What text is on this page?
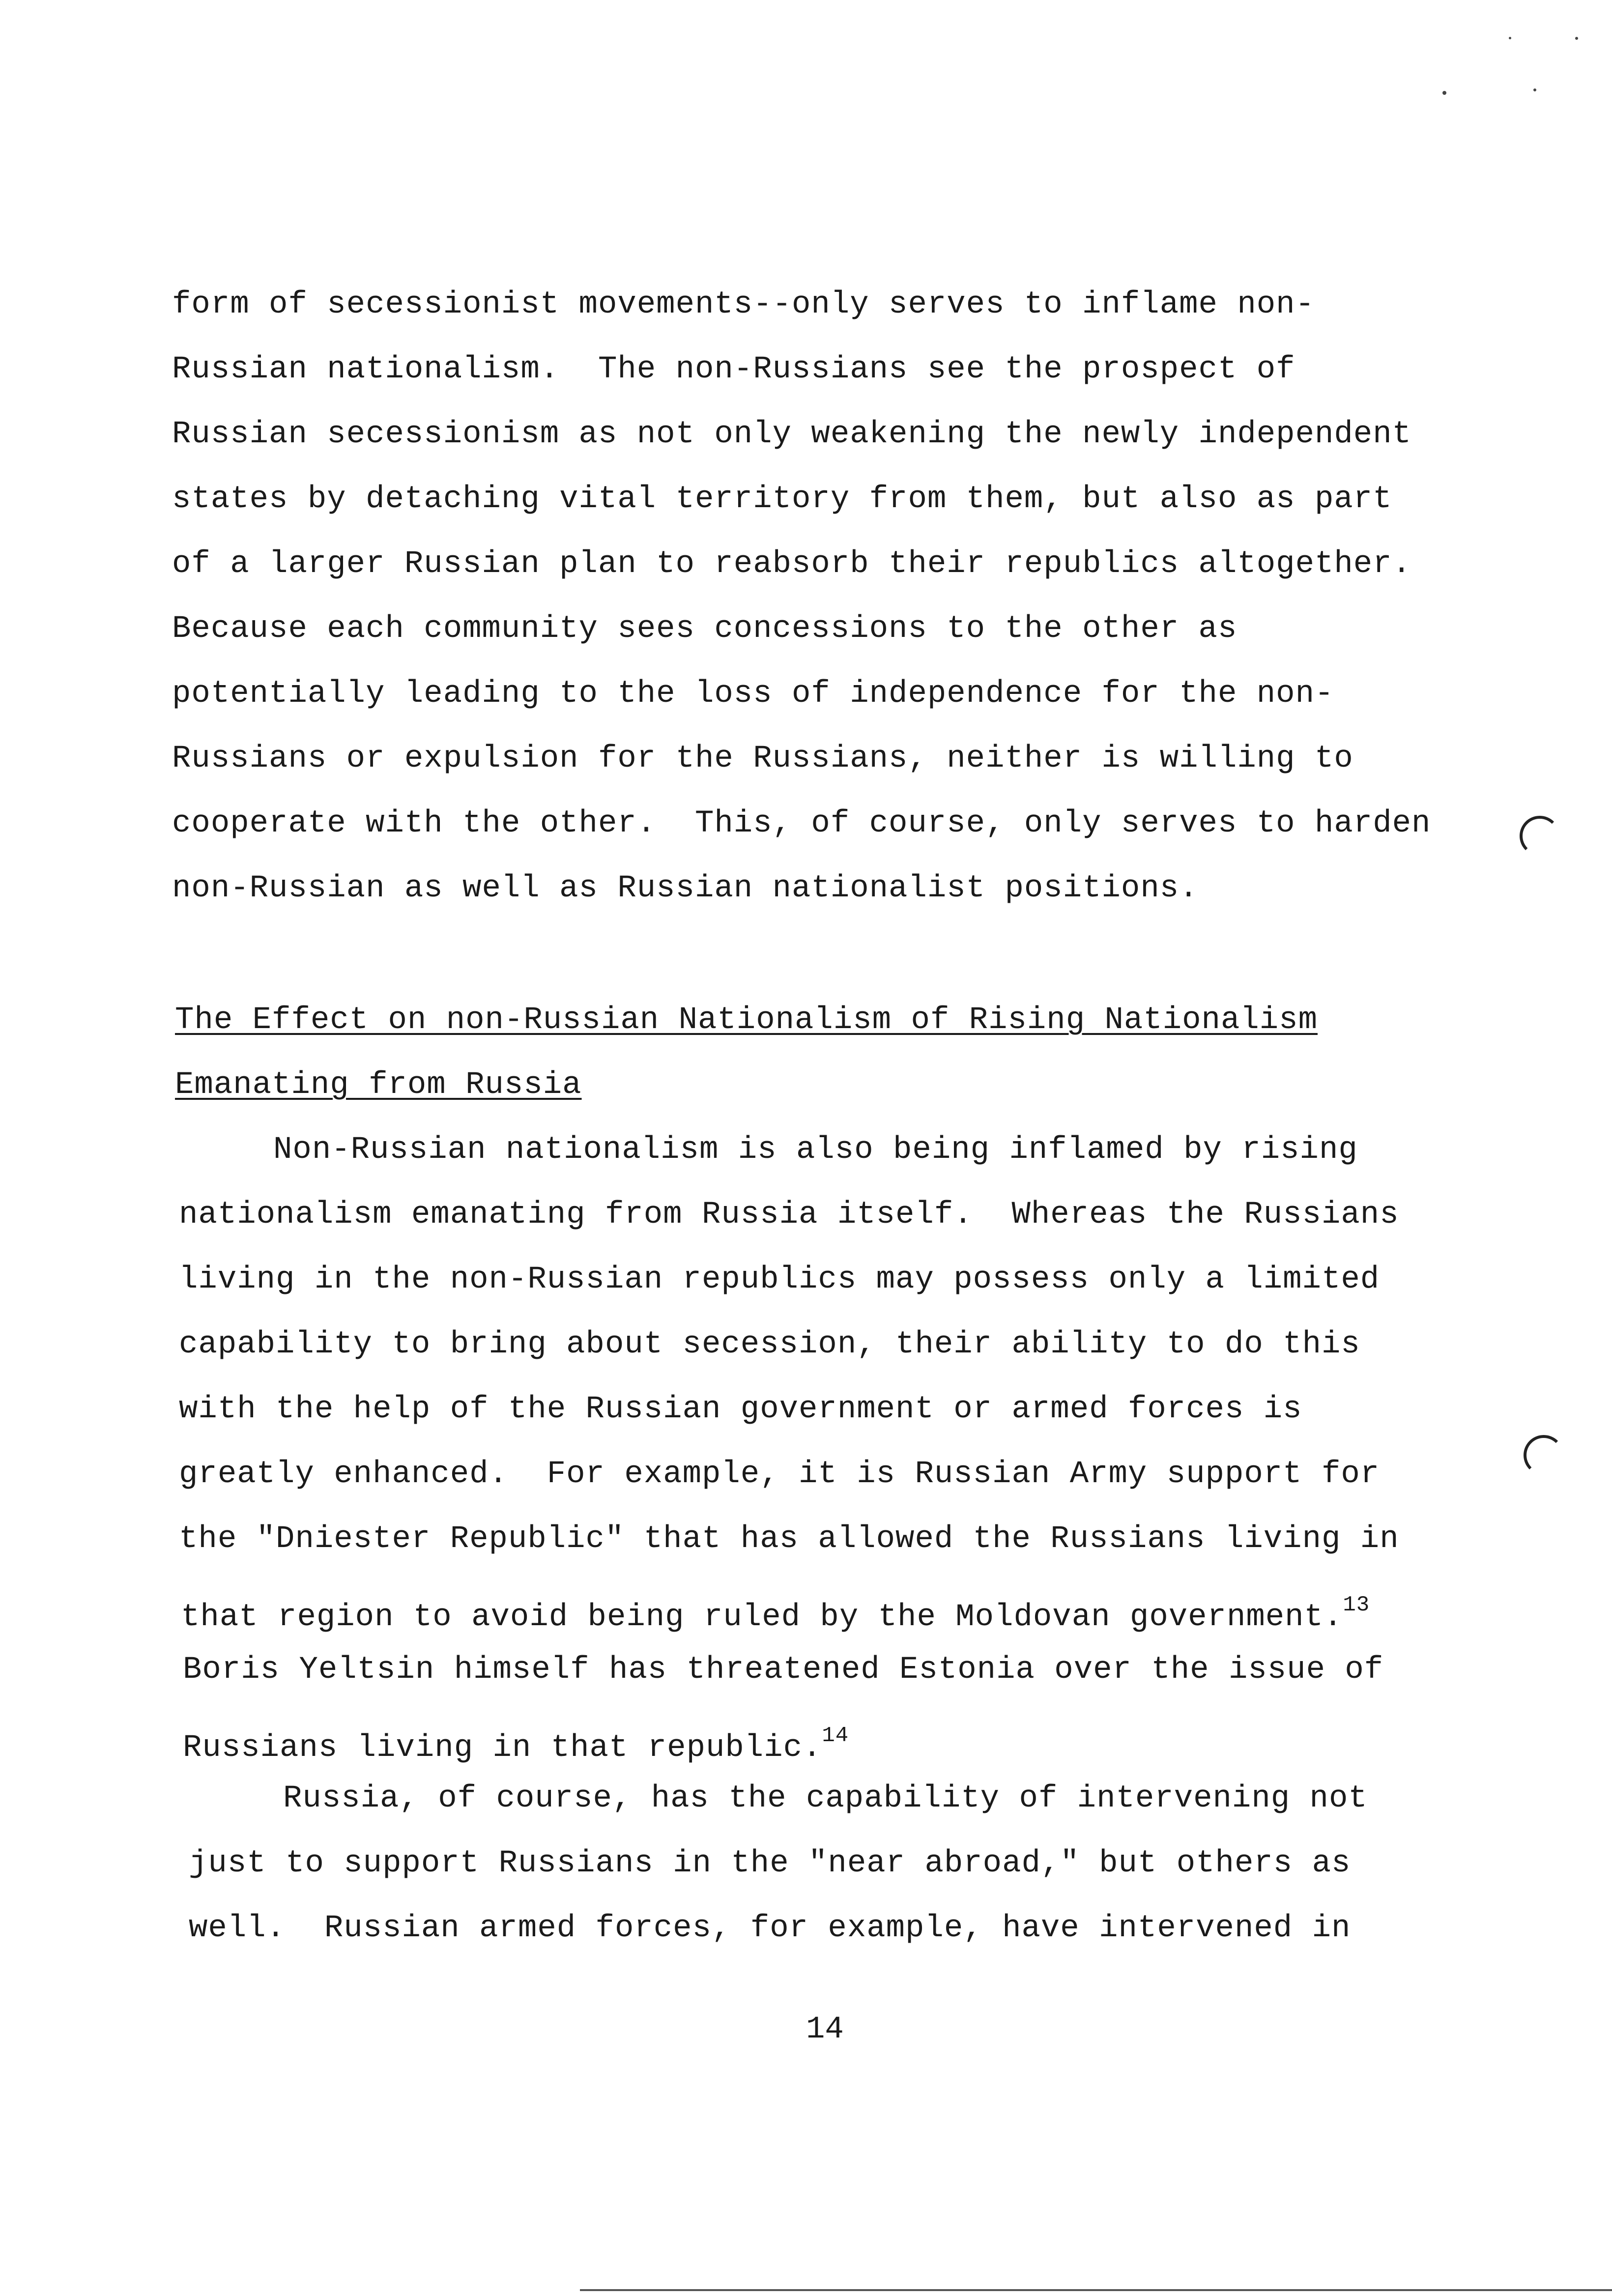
form of secessionist movements--only serves to inflame non-
Russian nationalism.  The non-Russians see the prospect of
Russian secessionism as not only weakening the newly independent
states by detaching vital territory from them, but also as part
of a larger Russian plan to reabsorb their republics altogether.
Because each community sees concessions to the other as
potentially leading to the loss of independence for the non-
Russians or expulsion for the Russians, neither is willing to
cooperate with the other.  This, of course, only serves to harden
non-Russian as well as Russian nationalist positions.
The Effect on non-Russian Nationalism of Rising Nationalism
Emanating from Russia
Non-Russian nationalism is also being inflamed by rising
nationalism emanating from Russia itself.  Whereas the Russians
living in the non-Russian republics may possess only a limited
capability to bring about secession, their ability to do this
with the help of the Russian government or armed forces is
greatly enhanced.  For example, it is Russian Army support for
the "Dniester Republic" that has allowed the Russians living in
that region to avoid being ruled by the Moldovan government.$^{13}$
Boris Yeltsin himself has threatened Estonia over the issue of
Russians living in that republic.$^{14}$
Russia, of course, has the capability of intervening not
just to support Russians in the "near abroad," but others as
well.  Russian armed forces, for example, have intervened in
14
